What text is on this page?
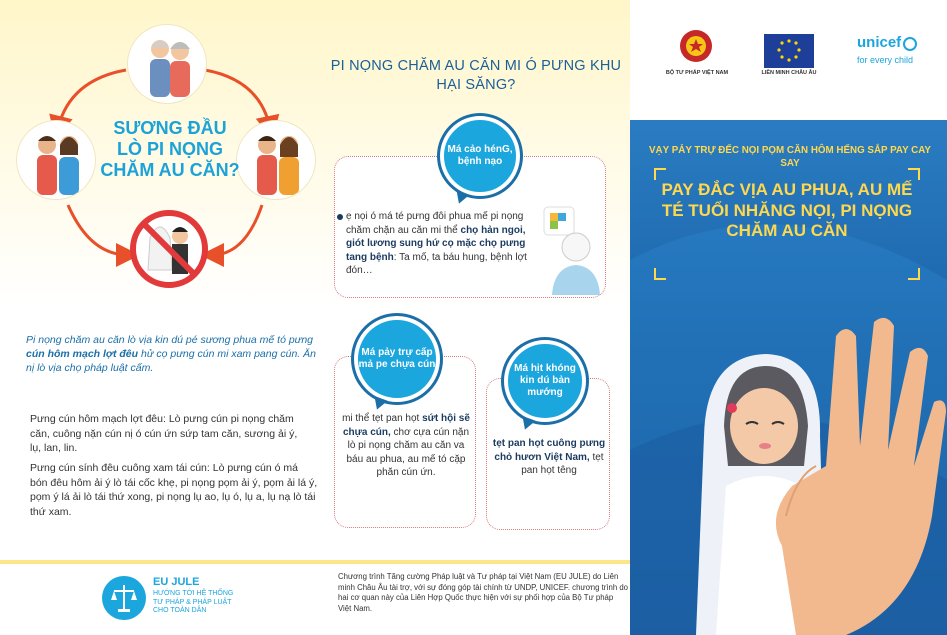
SƯƠNG ĐẦU LÒ PI NỌNG CHĂM AU CĂN?

Pi nọng chăm au căn lò vịa kin dú pé sương phua mế tó pưng cún hôm mạch lợt đêu hử cọ pưng cún mi xam pang cún. Ăn nị lò vịa chọ pháp luật cấm.

Pưng cún hôm mạch lợt đêu: Lò pưng cún pi nọng chăm căn, cuông nặn cún nị ó cún ứn sứp tam căn, sương ải ý, lụ, lan, lin.

Pưng cún sính đêu cuông xam tái cún: Lò pưng cún ó má bón đêu hôm ải ý lò tái cốc khẹ, pi nọng pọm ải ý, pọm ải lá ý, pọm ý lá ải lò tái thứ xong, pi nọng lụ ao, lụ ó, lụ a, lụ nạ lò tái thứ xam.

PI NỌNG CHĂM AU CĂN MI Ó PƯNG KHU HẠI SĂNG?
Má cảo hénG, bệnh nạo

ẹ nọi ó má té pưng đôi phua mế pi nọng chăm chặn au căn mi thể chọ hản ngoi, giót lương sung hứ cọ mặc chọ pưng tang bệnh: Ta mố, ta báu hung, bệnh lợt đón…

Má pảy trự cấp mả pe chựa cún

mi thể tẹt pan họt sứt hội sẽ chựa cún, chơ cựa cún nặn lò pi nọng chăm au căn va báu au phua, au mế tó cặp phăn cún ứn.

Má hịt khóng kin dú bản mướng

tẹt pan họt cuông pưng chỏ hươn Việt Nam, tẹt pan họt têng

EU JULE
HƯỚNG TỚI HỆ THỐNG TƯ PHÁP & PHÁP LUẬT CHO TOÀN DÂN

Chương trình Tăng cường Pháp luật và Tư pháp tại Việt Nam (EU JULE) do Liên minh Châu Âu tài trợ, với sự đóng góp tài chính từ UNDP, UNICEF. chương trình do hai cơ quan này của Liên Hợp Quốc thực hiện với sự phối hợp của Bộ Tư pháp Việt Nam.

BỘ TƯ PHÁP VIỆT NAM	LIÊN MINH CHÂU ÂU
unicef
for every child
VẠY PẢY TRỰ ĐẾC NỌI PỌM CĂN HÔM HẾNG SẮP PAY CAY SAY
PAY ĐẮC VỊA AU PHUA, AU MẾ TÉ TUỔI NHĂNG NỌI, PI NỌNG CHĂM AU CĂN
